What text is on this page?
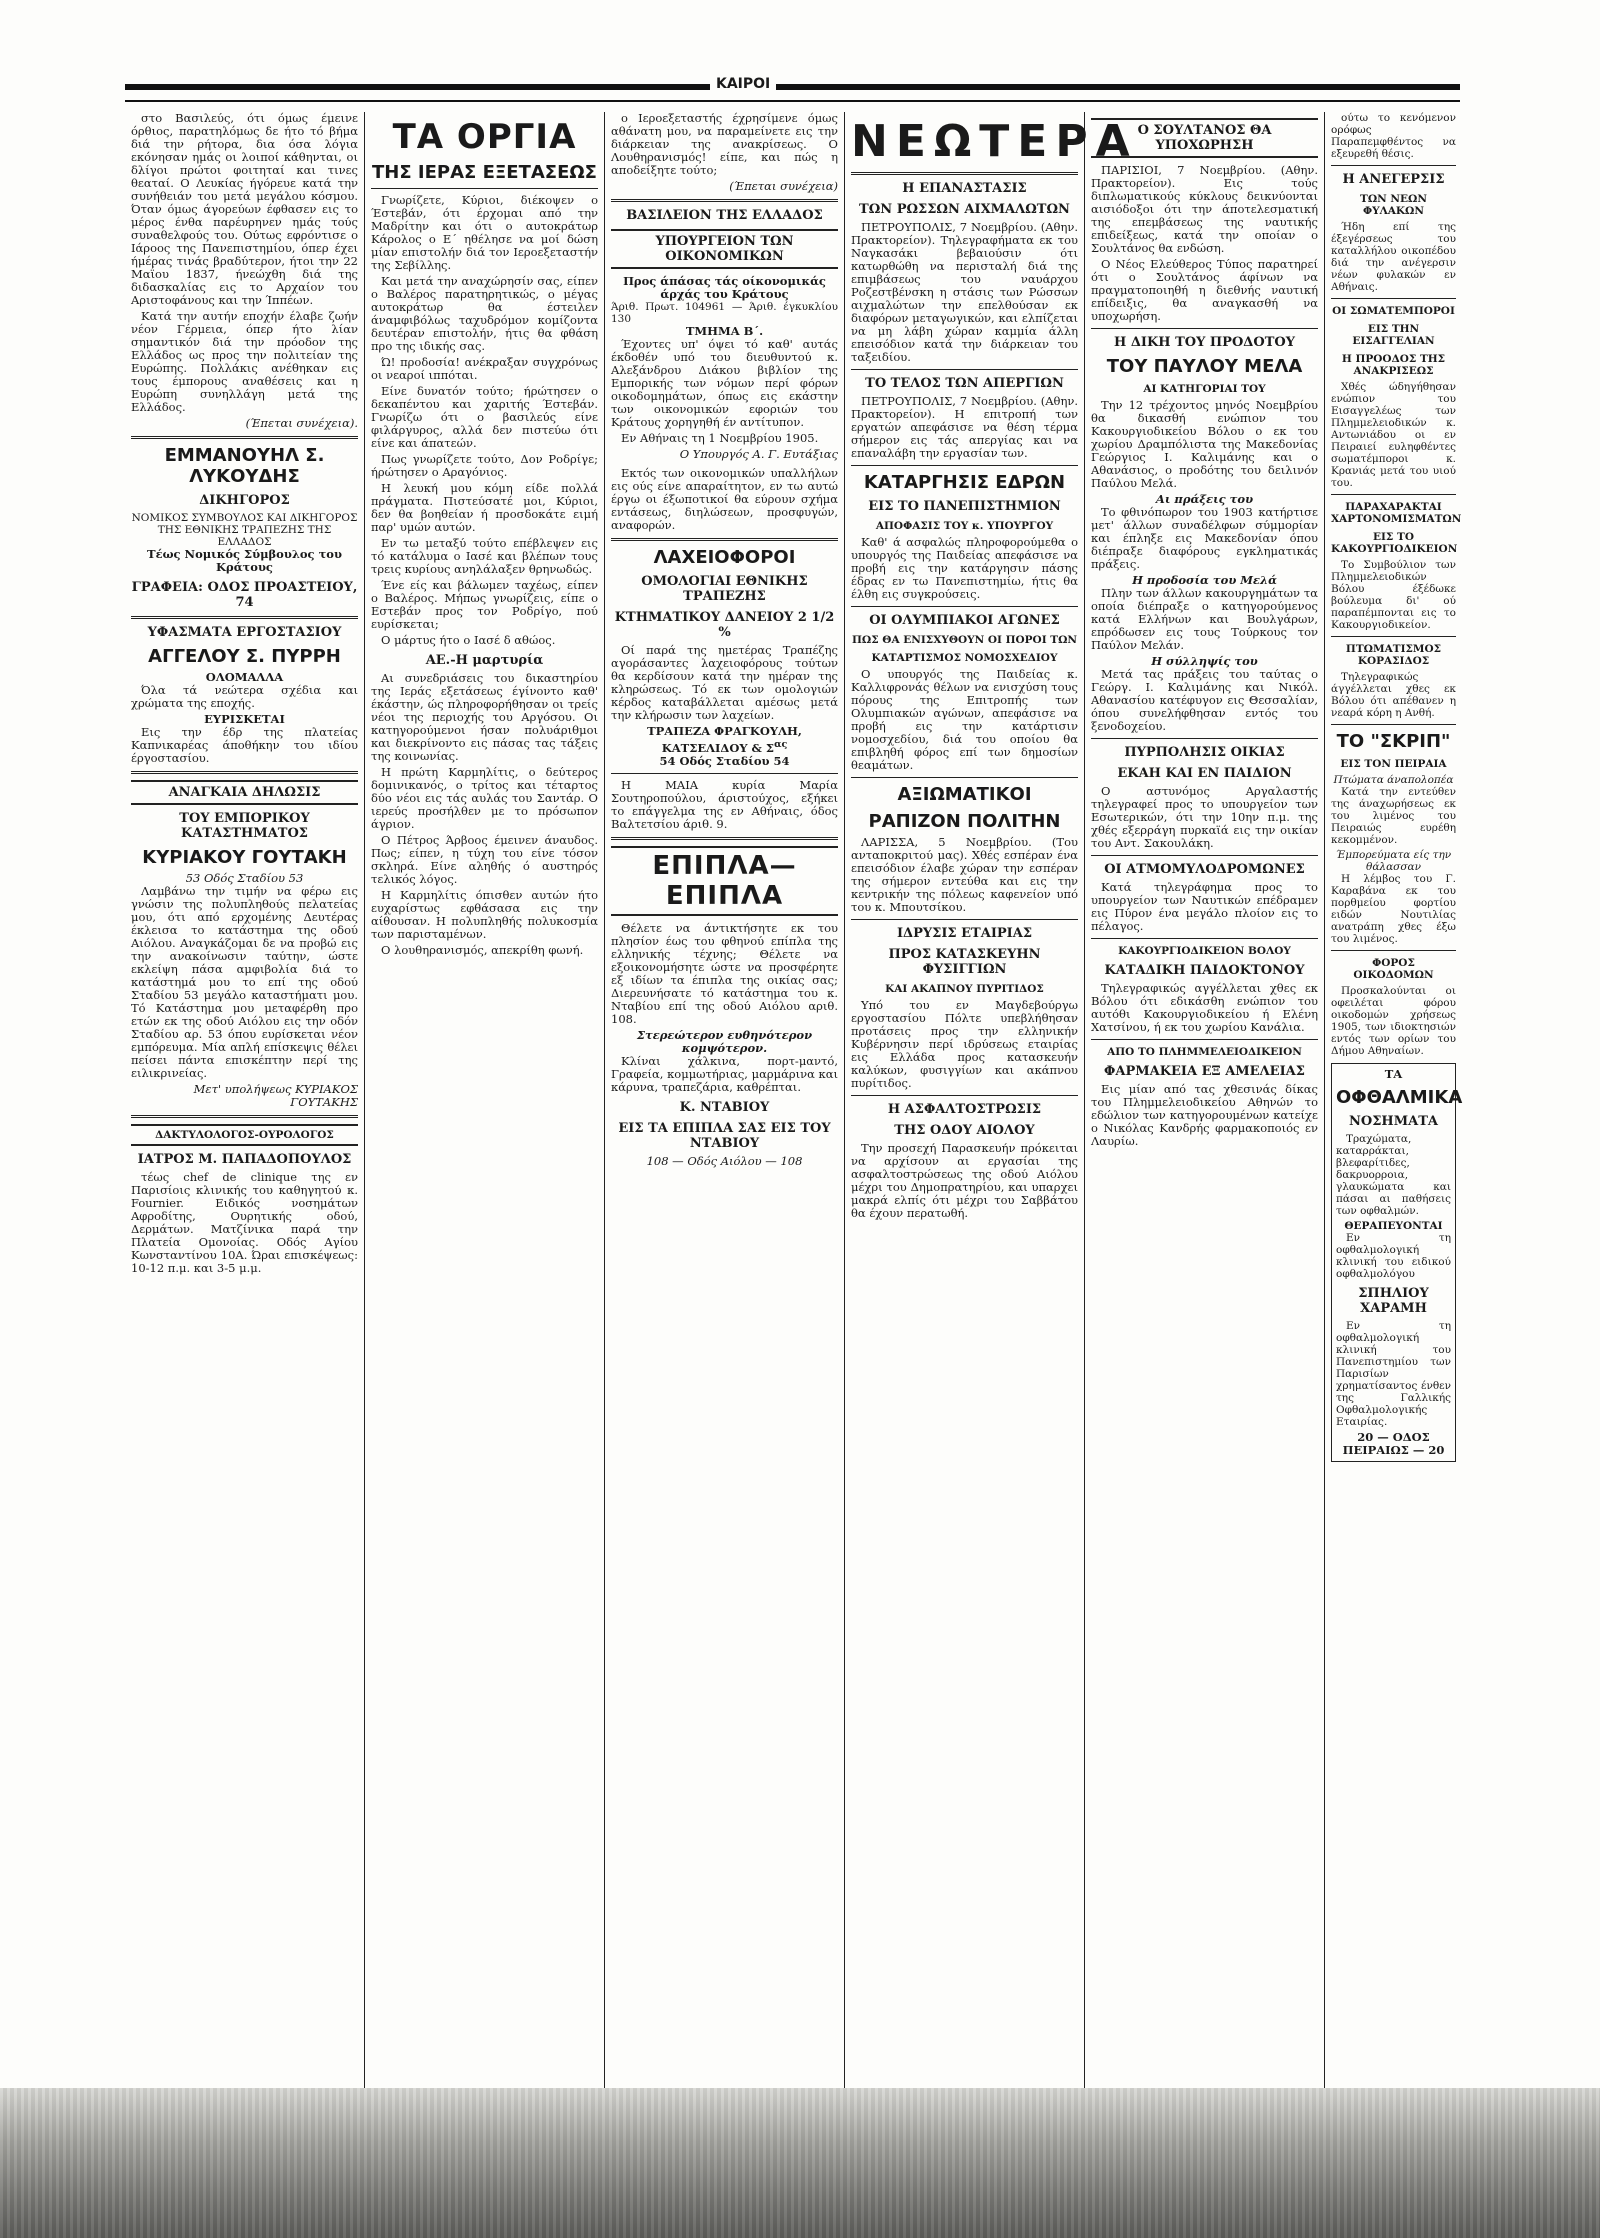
ΚΑΙΡΟΙ

στο Βασιλεύς, ότι όμως έμεινε όρθιος, παρατηλόμως δε ήτο τό βήμα διά την ρήτορα, δια όσα λόγια εκόνησαν ημάς οι λοιποί κάθηνται, οι δλίγοι πρώτοι φοιτηταί και τινες θεαταί. Ο Λευκίας ήγόρευε κατά την συνήθειάν του μετά μεγάλου κόσμου. Όταν όμως άγορεύων έφθασεν εις το μέρος ένθα παρέυρηνεν ημάς τούς συναθελφούς του. Ούτως εφρόντισε ο Ιάροος της Πανεπιστημίου, όπερ έχει ήμέρας τινάς βραδύτερον, ήτοι την 22 Μαΐου 1837, ήνεώχθη διά της διδασκαλίας εις το Αρχαίον του Αριστοφάνους και την Ίππέων.

Κατά την αυτήν εποχήν έλαβε ζωήν νέον Γέρμεια, όπερ ήτο λίαν σημαντικόν διά την πρόοδον της Ελλάδος ως προς την πολιτείαν της Ευρώπης. Πολλάκις ανέθηκαν εις τους έμπορους αναθέσεις και η Ευρώπη συνηλλάγη μετά της Ελλάδος.

(Έπεται συνέχεια).
ΕΜΜΑΝΟΥΗΛ Σ. ΛΥΚΟΥΔΗΣ
ΔΙΚΗΓΟΡΟΣ
ΝΟΜΙΚΟΣ ΣΥΜΒΟΥΛΟΣ ΚΑΙ ΔΙΚΗΓΟΡΟΣ ΤΗΣ ΕΘΝΙΚΗΣ ΤΡΑΠΕΖΗΣ ΤΗΣ ΕΛΛΑΔΟΣ
Τέως Νομικός Σύμβουλος του Κράτους
ΓΡΑΦΕΙΑ: ΟΔΟΣ ΠΡΟΑΣΤΕΙΟΥ, 74
ΥΦΑΣΜΑΤΑ ΕΡΓΟΣΤΑΣΙΟΥ
ΑΓΓΕΛΟΥ Σ. ΠΥΡΡΗ
ΟΛΟΜΑΛΛΑ

Όλα τά νεώτερα σχέδια και χρώματα της εποχής.

ΕΥΡΙΣΚΕΤΑΙ

Εις την έδρ της πλατείας Καπνικαρέας άποθήκην του ιδίου έργοστασίου.

ΑΝΑΓΚΑΙΑ ΔΗΛΩΣΙΣ
ΤΟΥ ΕΜΠΟΡΙΚΟΥ ΚΑΤΑΣΤΗΜΑΤΟΣ
ΚΥΡΙΑΚΟΥ ΓΟΥΤΑΚΗ
53 Οδός Σταδίου 53

Λαμβάνω την τιμήν να φέρω εις γνώσιν της πολυπληθούς πελατείας μου, ότι από ερχομένης Δευτέρας έκλεισα το κατάστημα της οδού Αιόλου. Αναγκάζομαι δε να προβώ εις την ανακοίνωσιν ταύτην, ώστε εκλείψη πάσα αμφιβολία διά το κατάστημά μου το επί της οδού Σταδίου 53 μεγάλο καταστήματι μου. Τό Κατάστημα μου μεταφέρθη προ ετών εκ της οδού Αιόλου εις την οδόν Σταδίου αρ. 53 όπου ευρίσκεται νέον εμπόρευμα. Μία απλή επίσκεψις θέλει πείσει πάντα επισκέπτην περί της ειλικρινείας.

Μετ' υπολήψεως ΚΥΡΙΑΚΟΣ ΓΟΥΤΑΚΗΣ
ΔΑΚΤΥΛΟΛΟΓΟΣ-ΟΥΡΟΛΟΓΟΣ
ΙΑΤΡΟΣ Μ. ΠΑΠΑΔΟΠΟΥΛΟΣ

τέως chef de clinique της εν Παρισίοις κλινικής του καθηγητού κ. Fournier. Ειδικός νοσημάτων Αφροδίτης, Ουρητικής οδού, Δερμάτων. Ματζίνικα παρά την Πλατεία Ομονοίας. Οδός Αγίου Κωνσταντίνου 10Α. Ώραι επισκέψεως: 10-12 π.μ. και 3-5 μ.μ.

ΤΑ ΟΡΓΙΑ
ΤΗΣ ΙΕΡΑΣ ΕΞΕΤΑΣΕΩΣ

Γνωρίζετε, Κύριοι, διέκοψεν ο Έστεβάν, ότι έρχομαι από την Μαδρίτην και ότι ο αυτοκράτωρ Κάρολος ο Ε΄ ηθέλησε να μοί δώση μίαν επιστολήν διά τον Ιεροεξεταστήν της Σεβίλλης.

Και μετά την αναχώρησίν σας, είπεν ο Βαλέρος παρατηρητικώς, ο μέγας αυτοκράτωρ θα έστειλεν άναμφιβόλως ταχυδρόμον κομίζοντα δευτέραν επιστολήν, ήτις θα φθάση προ της ιδικής σας.

Ώ! προδοσία! ανέκραξαν συγχρόνως οι νεαροί ιππόται.

Είνε δυνατόν τούτο; ήρώτησεν ο δεκαπέντου και χαριτής Έστεβάν. Γνωρίζω ότι ο βασιλεύς είνε φιλάργυρος, αλλά δεν πιστεύω ότι είνε και άπατεών.

Πως γνωρίζετε τούτο, Δον Ροδρίγε; ήρώτησεν ο Αραγόνιος.

Η λευκή μου κόμη είδε πολλά πράγματα. Πιστεύσατέ μοι, Κύριοι, δεν θα βοηθείαν ή προσδοκάτε ειμή παρ' υμών αυτών.

Εν τω μεταξύ τούτο επέβλεψεν εις τό κατάλυμα ο Ιασέ και βλέπων τους τρεις κυρίους ανηλάλαξεν θρηνωδώς.

Ένε είς και βάλωμεν ταχέως, είπεν ο Βαλέρος. Μήπως γνωρίζεις, είπε ο Εστεβάν προς τον Ροδρίγο, πού ευρίσκεται;

Ο μάρτυς ήτο ο Ιασέ δ αθώος.

ΑΕ.-Η μαρτυρία

Αι συνεδριάσεις του δικαστηρίου της Ιεράς εξετάσεως έγίνοντο καθ' έκάστην, ώς πληροφορήθησαν οι τρείς νέοι της περιοχής του Αργόσου. Οι κατηγορούμενοι ήσαν πολυάριθμοι και διεκρίνοντο εις πάσας τας τάξεις της κοινωνίας.

Η πρώτη Καρμηλίτις, ο δεύτερος δομινικανός, ο τρίτος και τέταρτος δύο νέοι εις τάς αυλάς του Σαντάρ. Ο ιερεύς προσήλθεν με το πρόσωπον άγριον.

Ο Πέτρος Άρβοος έμεινεν άναυδος. Πως; είπεν, η τύχη του είνε τόσον σκληρά. Είνε αληθής ό αυστηρός τελικός λόγος.

Η Καρμηλίτις όπισθεν αυτών ήτο ευχαρίστως εφθάσασα εις την αίθουσαν. Η πολυπληθής πολυκοσμία των παρισταμένων.

Ο λουθηρανισμός, απεκρίθη φωνή.

ο Ιεροεξεταστής έχρησίμενε όμως αθάνατη μου, να παραμείνετε εις την διάρκειαν της ανακρίσεως. Ο Λουθηρανισμός! είπε, και πώς η αποδείξητε τούτο;

(Έπεται συνέχεια)
ΒΑΣΙΛΕΙΟΝ ΤΗΣ ΕΛΛΑΔΟΣ
ΥΠΟΥΡΓΕΙΟΝ ΤΩΝ ΟΙΚΟΝΟΜΙΚΩΝ
Προς άπάσας τάς οίκονομικάς άρχάς του Κράτους
Άριθ. Πρωτ. 104961 — Άριθ. έγκυκλίου 130
ΤΜΗΜΑ Β΄.

Έχοντες υπ' όψει τό καθ' αυτάς έκδοθέν υπό του διευθυντού κ. Αλεξάνδρου Διάκου βιβλίον της Εμπορικής των νόμων περί φόρων οικοδομημάτων, όπως εις εκάστην των οικονομικών εφοριών του Κράτους χορηγηθή έν αντίτυπον.

Εν Αθήναις τη 1 Νοεμβρίου 1905.

Ο Υπουργός Α. Γ. Ευτάξιας

Εκτός των οικονομικών υπαλλήλων εις ούς είνε απαραίτητον, εν τω αυτώ έργω οι έξωποτικοί θα εύρουν σχήμα εντάσεως, διηλώσεων, προσφυγών, αναφορών.

ΛΑΧΕΙΟΦΟΡΟΙ
ΟΜΟΛΟΓΙΑΙ ΕΘΝΙΚΗΣ ΤΡΑΠΕΖΗΣ
ΚΤΗΜΑΤΙΚΟΥ ΔΑΝΕΙΟΥ 2 1/2 %

Οί παρά της ημετέρας Τραπέζης αγοράσαντες λαχειοφόρους τούτων θα κερδίσουν κατά την ημέραν της κληρώσεως. Τό εκ των ομολογιών κέρδος καταβάλλεται αμέσως μετά την κλήρωσιν των λαχείων.

ΤΡΑΠΕΖΑ ΦΡΑΓΚΟΥΛΗ, ΚΑΤΣΕΛΙΔΟΥ & $\Sigma^{\alpha\varsigma}$
54 Οδός Σταδίου 54

Η ΜΑΙΑ κυρία Μαρία Σουτηροπούλου, άριστούχος, εξήκει το επάγγελμα της εν Αθήναις, όδος Βαλτετσίου άριθ. 9.

ΕΠΙΠΛΑ—ΕΠΙΠΛΑ

Θέλετε να άντικτήσητε εκ του πλησίον έως του φθηνού επίπλα της ελληνικής τέχνης; Θέλετε να εξοικονομήσητε ώστε να προσφέρητε εξ ιδίων τα έπιπλα της οικίας σας; Διερευνήσατε τό κατάστημα του κ. Νταβίου επί της οδού Αιόλου αριθ. 108.

Στερεώτερον ευθηνότερον κομψότερον.

Κλίναι χάλκινα, πορτ-μαντό, Γραφεία, κομμωτήριας, μαρμάρινα και κάρυνα, τραπεζάρια, καθρέπται.

Κ. ΝΤΑΒΙΟΥ
ΕΙΣ ΤΑ ΕΠΙΠΛΑ ΣΑΣ ΕΙΣ ΤΟΥ ΝΤΑΒΙΟΥ
108 — Οδός Αιόλου — 108
ΝΕΩΤΕΡΑ
Η ΕΠΑΝΑΣΤΑΣΙΣ
ΤΩΝ ΡΩΣΣΩΝ ΑΙΧΜΑΛΩΤΩΝ

ΠΕΤΡΟΥΠΟΛΙΣ, 7 Νοεμβρίου. (Αθην. Πρακτορείον). Τηλεγραφήματα εκ του Ναγκασάκι βεβαιούσιν ότι κατωρθώθη να περισταλή διά της επιμβάσεως του ναυάρχου Ροζεστβένσκη η στάσις των Ρώσσων αιχμαλώτων την επελθούσαν εκ διαφόρων μεταγωγικών, και ελπίζεται να μη λάβη χώραν καμμία άλλη επεισόδιον κατά την διάρκειαν του ταξειδίου.

ΤΟ ΤΕΛΟΣ ΤΩΝ ΑΠΕΡΓΙΩΝ

ΠΕΤΡΟΥΠΟΛΙΣ, 7 Νοεμβρίου. (Αθην. Πρακτορείον). Η επιτροπή των εργατών απεφάσισε να θέση τέρμα σήμερον εις τάς απεργίας και να επαναλάβη την εργασίαν των.

ΚΑΤΑΡΓΗΣΙΣ ΕΔΡΩΝ
ΕΙΣ ΤΟ ΠΑΝΕΠΙΣΤΗΜΙΟΝ
ΑΠΟΦΑΣΙΣ ΤΟΥ κ. ΥΠΟΥΡΓΟΥ

Καθ' ά ασφαλώς πληροφορούμεθα ο υπουργός της Παιδείας απεφάσισε να προβή εις την κατάργησιν πάσης έδρας εν τω Πανεπιστημίω, ήτις θα έλθη εις συγκρούσεις.

ΟΙ ΟΛΥΜΠΙΑΚΟΙ ΑΓΩΝΕΣ
ΠΩΣ ΘΑ ΕΝΙΣΧΥΘΟΥΝ ΟΙ ΠΟΡΟΙ ΤΩΝ
ΚΑΤΑΡΤΙΣΜΟΣ ΝΟΜΟΣΧΕΔΙΟΥ

Ο υπουργός της Παιδείας κ. Καλλιφρονάς θέλων να ενισχύση τους πόρους της Επιτροπής των Ολυμπιακών αγώνων, απεφάσισε να προβή εις την κατάρτισιν νομοσχεδίου, διά του οποίου θα επιβληθή φόρος επί των δημοσίων θεαμάτων.

ΑΞΙΩΜΑΤΙΚΟΙ
ΡΑΠΙΖΟΝ ΠΟΛΙΤΗΝ

ΛΑΡΙΣΣΑ, 5 Νοεμβρίου. (Του ανταποκριτού μας). Χθές εσπέραν ένα επεισόδιον έλαβε χώραν την εσπέραν της σήμερον εντεύθα και εις την κεντρικήν της πόλεως καφενείον υπό του κ. Μπουτσίκου.

ΙΔΡΥΣΙΣ ΕΤΑΙΡΙΑΣ
ΠΡΟΣ ΚΑΤΑΣΚΕΥΗΝ ΦΥΣΙΓΓΙΩΝ
ΚΑΙ ΑΚΑΠΝΟΥ ΠΥΡΙΤΙΔΟΣ

Υπό του εν Μαγδεβούργω εργοστασίου Πόλτε υπεβλήθησαν προτάσεις προς την ελληνικήν Κυβέρνησιν περί ιδρύσεως εταιρίας εις Ελλάδα προς κατασκευήν καλύκων, φυσιγγίων και ακάπνου πυρίτιδος.

Η ΑΣΦΑΛΤΟΣΤΡΩΣΙΣ
ΤΗΣ ΟΔΟΥ ΑΙΟΛΟΥ

Την προσεχή Παρασκευήν πρόκειται να αρχίσουν αι εργασίαι της ασφαλτοστρώσεως της οδού Αιόλου μέχρι του Δημοπρατηρίου, και υπαρχει μακρά ελπίς ότι μέχρι του Σαββάτου θα έχουν περατωθή.

Ο ΣΟΥΛΤΑΝΟΣ ΘΑ ΥΠΟΧΩΡΗΣΗ

ΠΑΡΙΣΙΟΙ, 7 Νοεμβρίου. (Αθην. Πρακτορείον). Εις τούς διπλωματικούς κύκλους δεικνύονται αισιόδοξοι ότι την άποτελεσματική της επεμβάσεως της ναυτικής επιδείξεως, κατά την οποίαν ο Σουλτάνος θα ενδώση.

Ο Νέος Ελεύθερος Τύπος παρατηρεί ότι ο Σουλτάνος άφίνων να πραγματοποιηθή η διεθνής ναυτική επίδειξις, θα αναγκασθή να υποχωρήση.

Η ΔΙΚΗ ΤΟΥ ΠΡΟΔΟΤΟΥ
ΤΟΥ ΠΑΥΛΟΥ ΜΕΛΑ
ΑΙ ΚΑΤΗΓΟΡΙΑΙ ΤΟΥ

Την 12 τρέχοντος μηνός Νοεμβρίου θα δικασθή ενώπιον του Κακουργιοδικείου Βόλου ο εκ του χωρίου Δραμπόλιστα της Μακεδονίας Γεώργιος Ι. Καλιμάνης και ο Αθανάσιος, ο προδότης του δειλινόν Παύλου Μελά.

Αι πράξεις του

Το φθινόπωρον του 1903 κατήρτισε μετ' άλλων συναδέλφων σύμμορίαν και έπληξε εις Μακεδονίαν όπου διέπραξε διαφόρους εγκληματικάς πράξεις.

Η προδοσία του Μελά

Πλην των άλλων κακουργημάτων τα οποία διέπραξε ο κατηγορούμενος κατά Ελλήνων και Βουλγάρων, επρόδωσεν εις τους Τούρκους τον Παύλον Μελάν.

Η σύλληψίς του

Μετά τας πράξεις του ταύτας ο Γεώργ. Ι. Καλιμάνης και Νικόλ. Αθανασίου κατέφυγον εις Θεσσαλίαν, όπου συνελήφθησαν εντός του ξενοδοχείου.

ΠΥΡΠΟΛΗΣΙΣ ΟΙΚΙΑΣ
ΕΚΑΗ ΚΑΙ ΕΝ ΠΑΙΔΙΟΝ

Ο αστυνόμος Αργαλαστής τηλεγραφεί προς το υπουργείον των Εσωτερικών, ότι την 10ην π.μ. της χθές εξερράγη πυρκαϊά εις την οικίαν του Αντ. Σακουλάκη.

ΟΙ ΑΤΜΟΜΥΛΟΔΡΟΜΩΝΕΣ

Κατά τηλεγράφημα προς το υπουργείον των Ναυτικών επέδραμεν εις Πύρον ένα μεγάλο πλοίον εις το πέλαγος.

ΚΑΚΟΥΡΓΙΟΔΙΚΕΙΟΝ ΒΟΛΟΥ
ΚΑΤΑΔΙΚΗ ΠΑΙΔΟΚΤΟΝΟΥ

Τηλεγραφικώς αγγέλλεται χθες εκ Βόλου ότι εδικάσθη ενώπιον του αυτόθι Κακουργιοδικείου ή Ελένη Χατσίνου, ή εκ του χωρίου Κανάλια.

ΑΠΟ ΤΟ ΠΛΗΜΜΕΛΕΙΟΔΙΚΕΙΟΝ
ΦΑΡΜΑΚΕΙΑ ΕΞ ΑΜΕΛΕΙΑΣ

Εις μίαν από τας χθεσινάς δίκας του Πλημμελειοδικείου Αθηνών το εδώλιον των κατηγορουμένων κατείχε ο Νικόλας Κανδρής φαρμακοποιός εν Λαυρίω.

ούτω το κενόμενον ορόφως Παραπεμφθέντος να εξευρεθή θέσις.

Η ΑΝΕΓΕΡΣΙΣ
ΤΩΝ ΝΕΩΝ ΦΥΛΑΚΩΝ

Ήδη επί της έξεγέρσεως του καταλλήλου οικοπέδου διά την ανέγερσιν νέων φυλακών εν Αθήναις.

ΟΙ ΣΩΜΑΤΕΜΠΟΡΟΙ
ΕΙΣ ΤΗΝ ΕΙΣΑΓΓΕΛΙΑΝ
Η ΠΡΟΟΔΟΣ ΤΗΣ ΑΝΑΚΡΙΣΕΩΣ

Χθές ώδηγήθησαν ενώπιον του Εισαγγελέως των Πλημμελειοδικών κ. Αντωνιάδου οι εν Πειραιεί ευληφθέντες σωματέμποροι κ. Κρανιάς μετά του υιού του.

ΠΑΡΑΧΑΡΑΚΤΑΙ ΧΑΡΤΟΝΟΜΙΣΜΑΤΩΝ
ΕΙΣ ΤΟ ΚΑΚΟΥΡΓΙΟΔΙΚΕΙΟΝ

Το Συμβούλιον των Πλημμελειοδικών Βόλου έξέδωκε βούλευμα δι' ού παραπέμπονται εις το Κακουργιοδικείον.

ΠΤΩΜΑΤΙΣΜΟΣ ΚΟΡΑΣΙΔΟΣ

Τηλεγραφικώς άγγέλλεται χθες εκ Βόλου ότι απέθανεν η νεαρά κόρη η Ανθή.

ΤΟ "ΣΚΡΙΠ"
ΕΙΣ ΤΟΝ ΠΕΙΡΑΙΑ
Πτώματα άναπολοπέα

Κατά την εντεύθεν της άναχωρήσεως εκ του λιμένος του Πειραιώς ευρέθη κεκομμένον.

Έμπορεύματα είς την θάλασσαν

Η λέμβος του Γ. Καραβάνα εκ του πορθμείου φορτίου ειδών Νουτιλίας ανατράπη χθες έξω του λιμένος.

ΦΟΡΟΣ ΟΙΚΟΔΟΜΩΝ

Προσκαλούνται οι οφειλέται φόρου οικοδομών χρήσεως 1905, των ιδιοκτησιών εντός των ορίων του Δήμου Αθηναίων.

ΤΑ
ΟΦΘΑΛΜΙΚΑ
ΝΟΣΗΜΑΤΑ

Τραχώματα, καταρράκται, βλεφαρίτιδες, δακρυορροια, γλαυκώματα και πάσαι αι παθήσεις των οφθαλμών.

ΘΕΡΑΠΕΥΟΝΤΑΙ

Εν τη οφθαλμολογική κλινική του ειδικού οφθαλμολόγου

ΣΠΗΛΙΟΥ ΧΑΡΑΜΗ

Εν τη οφθαλμολογική κλινική του Πανεπιστημίου των Παρισίων χρηματίσαντος ένθεν της Γαλλικής Οφθαλμολογικής Εταιρίας.

20 — ΟΔΟΣ ΠΕΙΡΑΙΩΣ — 20
